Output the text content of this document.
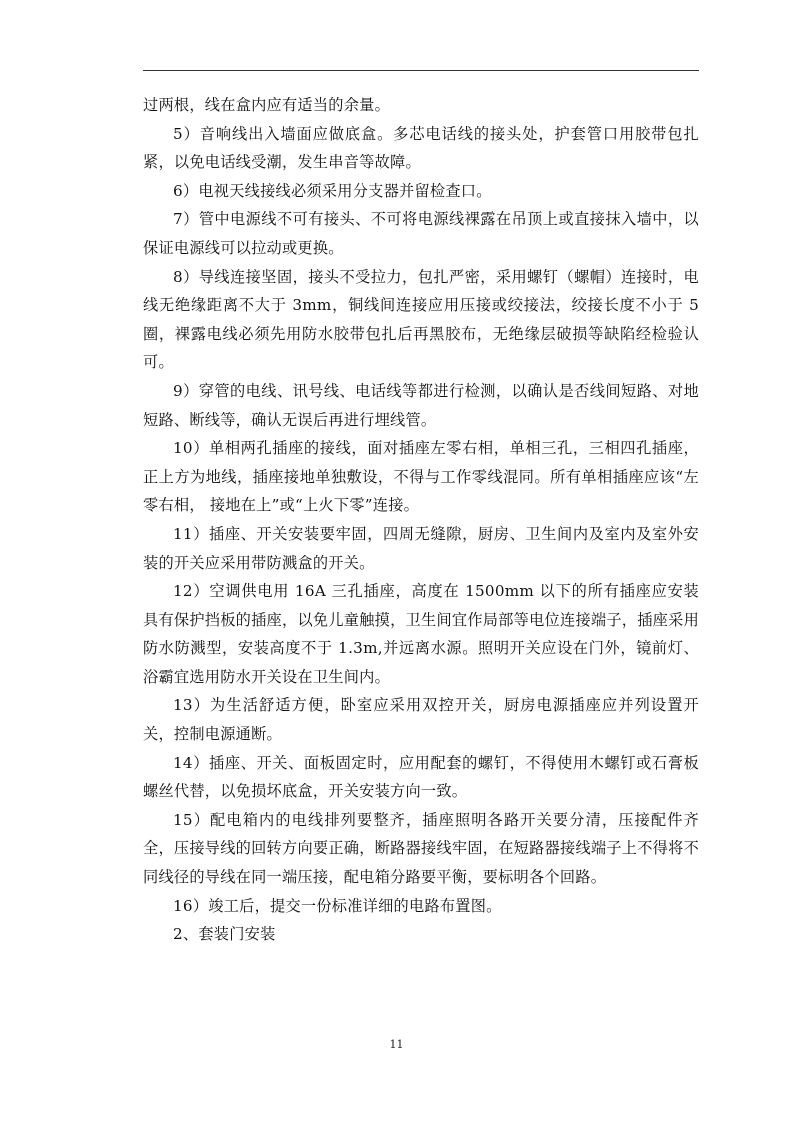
过两根，线在盒内应有适当的余量。

5）音响线出入墙面应做底盒。多芯电话线的接头处，护套管口用胶带包扎紧，以免电话线受潮，发生串音等故障。

6）电视天线接线必须采用分支器并留检查口。

7）管中电源线不可有接头、不可将电源线裸露在吊顶上或直接抹入墙中，以保证电源线可以拉动或更换。

8）导线连接坚固，接头不受拉力，包扎严密，采用螺钉（螺帽）连接时，电线无绝缘距离不大于 3mm，铜线间连接应用压接或绞接法，绞接长度不小于 5 圈，裸露电线必须先用防水胶带包扎后再黑胶布，无绝缘层破损等缺陷经检验认可。

9）穿管的电线、讯号线、电话线等都进行检测，以确认是否线间短路、对地短路、断线等，确认无误后再进行埋线管。

10）单相两孔插座的接线，面对插座左零右相，单相三孔，三相四孔插座，正上方为地线，插座接地单独敷设，不得与工作零线混同。所有单相插座应该“左零右相， 接地在上”或“上火下零”连接。

11）插座、开关安装要牢固，四周无缝隙，厨房、卫生间内及室内及室外安装的开关应采用带防溅盒的开关。

12）空调供电用 16A 三孔插座，高度在 1500mm 以下的所有插座应安装具有保护挡板的插座，以免儿童触摸，卫生间宜作局部等电位连接端子，插座采用防水防溅型，安装高度不于 1.3m,并远离水源。照明开关应设在门外，镜前灯、浴霸宜选用防水开关设在卫生间内。

13）为生活舒适方便，卧室应采用双控开关，厨房电源插座应并列设置开关，控制电源通断。

14）插座、开关、面板固定时，应用配套的螺钉，不得使用木螺钉或石膏板螺丝代替，以免损坏底盒，开关安装方向一致。

15）配电箱内的电线排列要整齐，插座照明各路开关要分清，压接配件齐全，压接导线的回转方向要正确，断路器接线牢固，在短路器接线端子上不得将不同线径的导线在同一端压接，配电箱分路要平衡，要标明各个回路。

16）竣工后，提交一份标准详细的电路布置图。

2、套装门安装

11
